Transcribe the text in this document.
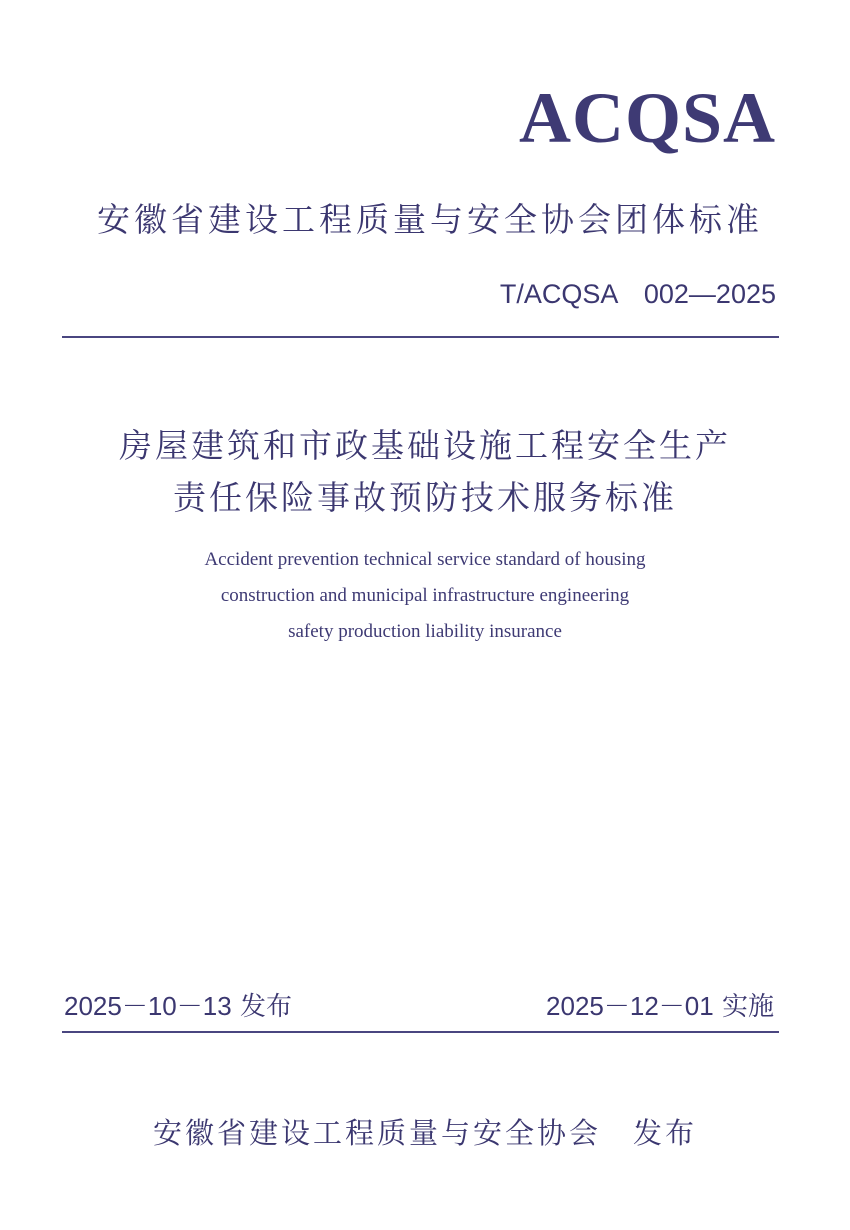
ACQSA
安徽省建设工程质量与安全协会团体标准
T/ACQSA　002—2025
房屋建筑和市政基础设施工程安全生产
责任保险事故预防技术服务标准
Accident prevention technical service standard of housing
construction and municipal infrastructure engineering
safety production liability insurance
2025－10－13 发布	2025－12－01 实施
安徽省建设工程质量与安全协会　发布
